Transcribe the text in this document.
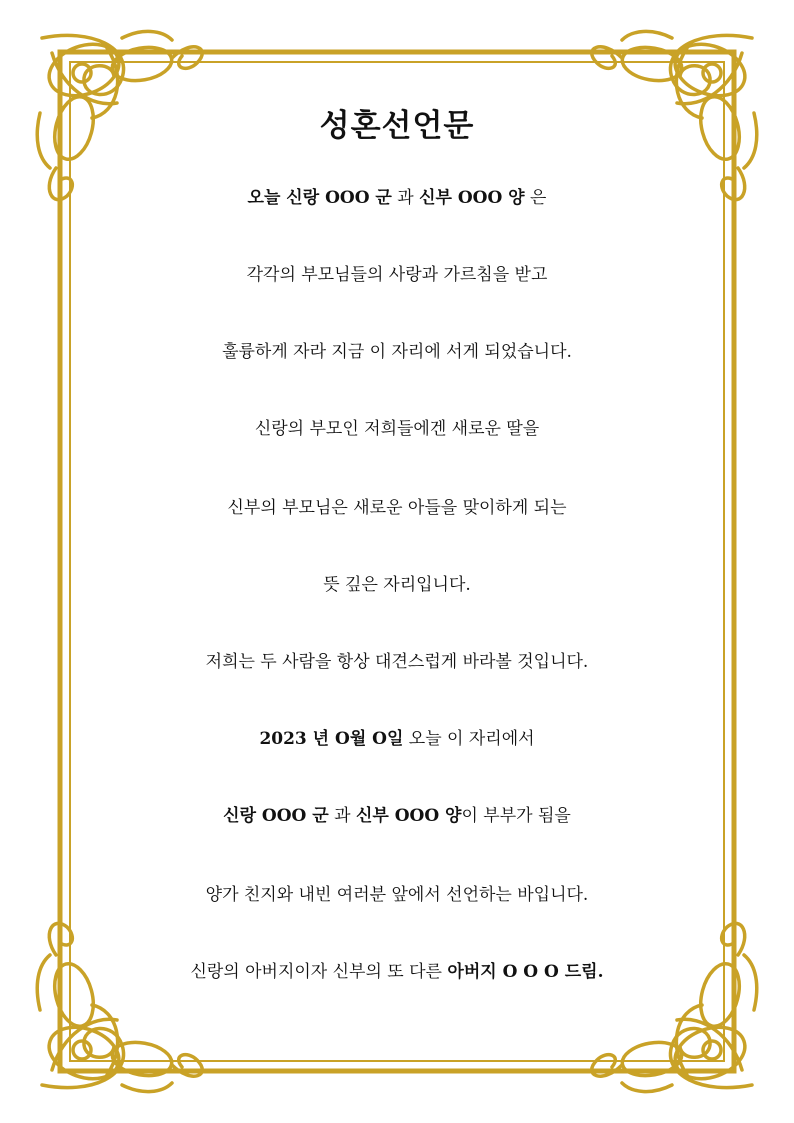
성혼선언문

오늘 신랑 OOO 군 과 신부 OOO 양 은

각각의 부모님들의 사랑과 가르침을 받고

훌륭하게 자라 지금 이 자리에 서게 되었습니다.

신랑의 부모인 저희들에겐 새로운 딸을

신부의 부모님은 새로운 아들을 맞이하게 되는

뜻 깊은 자리입니다.

저희는 두 사람을 항상 대견스럽게 바라볼 것입니다.

2023 년 O월 O일 오늘 이 자리에서

신랑 OOO 군 과 신부 OOO 양이 부부가 됨을

양가 친지와 내빈 여러분 앞에서 선언하는 바입니다.

신랑의 아버지이자 신부의 또 다른 아버지 O O O 드림.
